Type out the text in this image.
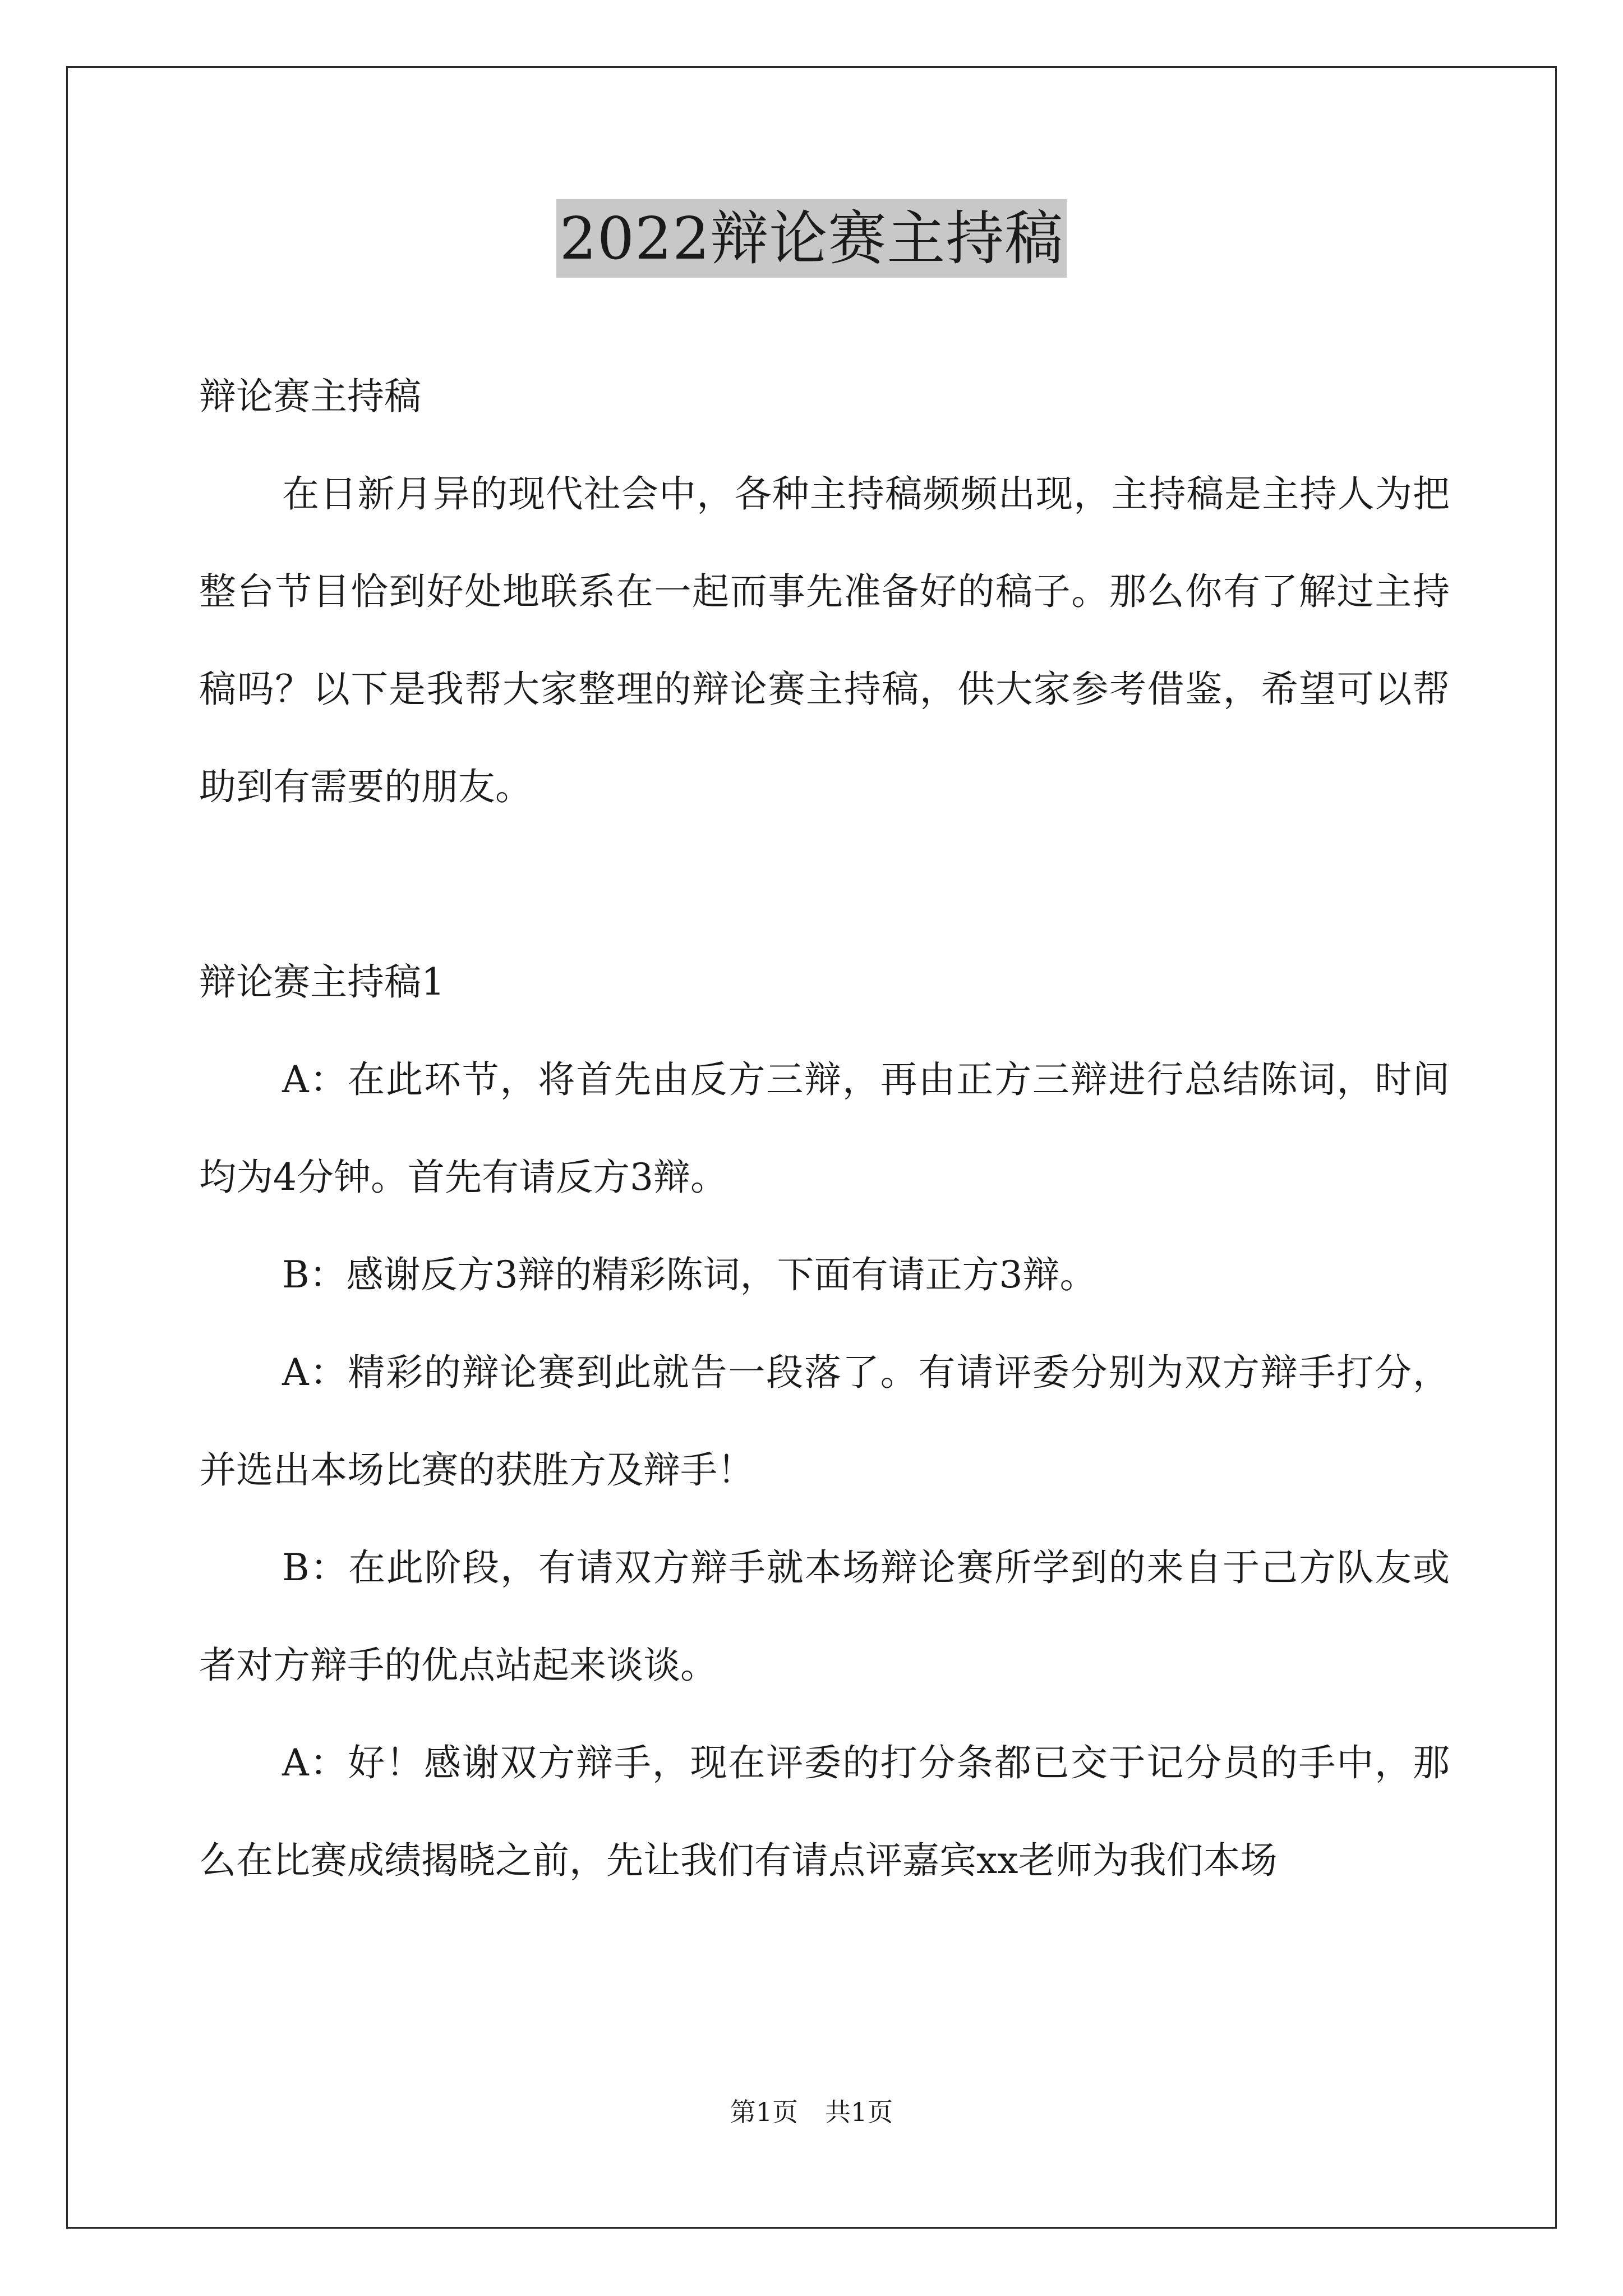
2022辩论赛主持稿

辩论赛主持稿

在日新月异的现代社会中，各种主持稿频频出现，主持稿是主持人为把整台节目恰到好处地联系在一起而事先准备好的稿子。那么你有了解过主持稿吗？以下是我帮大家整理的辩论赛主持稿，供大家参考借鉴，希望可以帮助到有需要的朋友。

辩论赛主持稿1

A：在此环节，将首先由反方三辩，再由正方三辩进行总结陈词，时间均为4分钟。首先有请反方3辩。

B：感谢反方3辩的精彩陈词，下面有请正方3辩。

A：精彩的辩论赛到此就告一段落了。有请评委分别为双方辩手打分，并选出本场比赛的获胜方及辩手！

B：在此阶段，有请双方辩手就本场辩论赛所学到的来自于己方队友或者对方辩手的优点站起来谈谈。

A：好！感谢双方辩手，现在评委的打分条都已交于记分员的手中，那么在比赛成绩揭晓之前，先让我们有请点评嘉宾xx老师为我们本场

第1页 共1页
